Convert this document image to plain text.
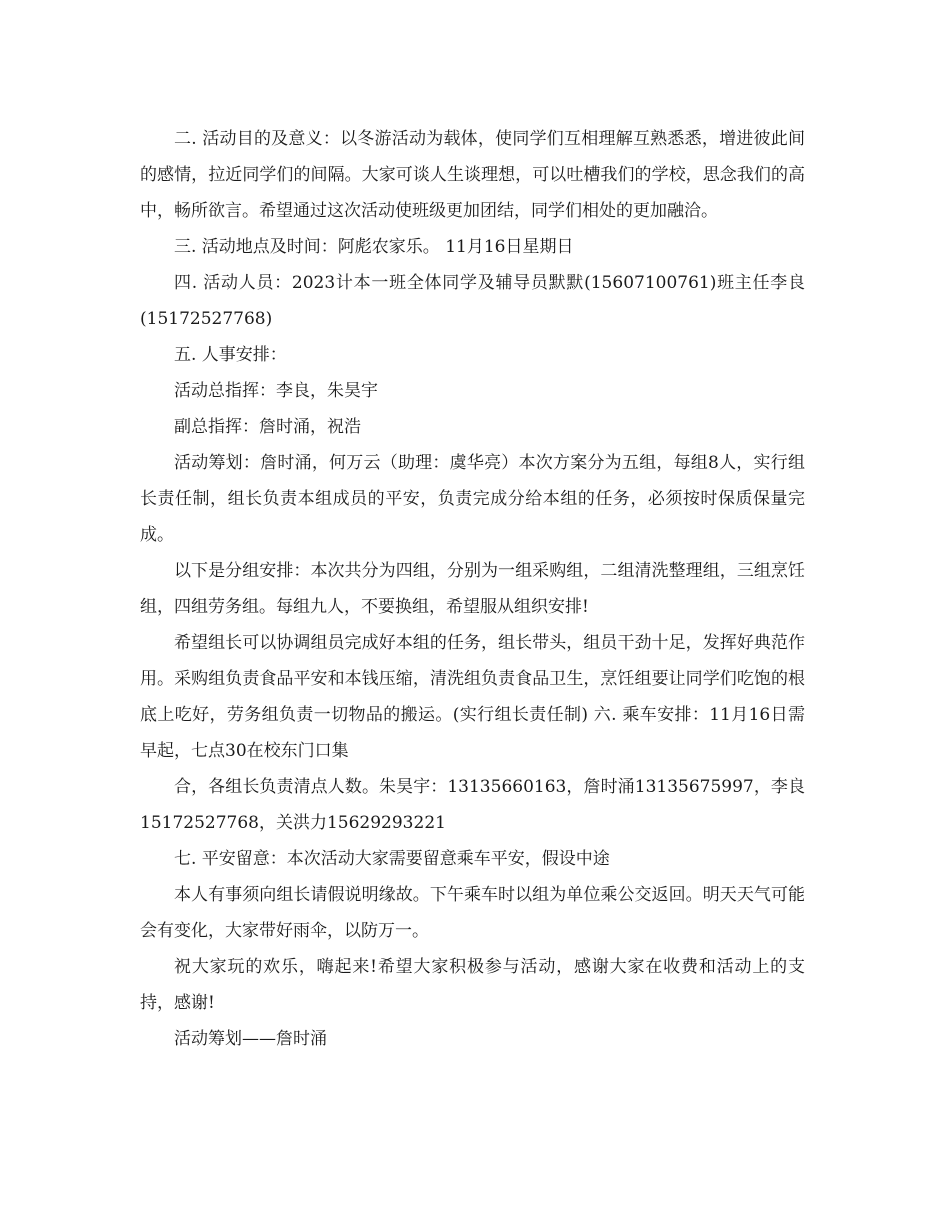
二. 活动目的及意义：以冬游活动为载体，使同学们互相理解互熟悉悉，增进彼此间的感情，拉近同学们的间隔。大家可谈人生谈理想，可以吐槽我们的学校，思念我们的高中，畅所欲言。希望通过这次活动使班级更加团结，同学们相处的更加融洽。

三. 活动地点及时间：阿彪农家乐。 11月16日星期日

四. 活动人员：2023计本一班全体同学及辅导员默默(15607100761)班主任李良(15172527768)

五. 人事安排：

活动总指挥：李良，朱昊宇

副总指挥：詹时涌，祝浩

活动筹划：詹时涌，何万云（助理：虞华亮）本次方案分为五组，每组8人，实行组长责任制，组长负责本组成员的平安，负责完成分给本组的任务，必须按时保质保量完成。

以下是分组安排：本次共分为四组，分别为一组采购组，二组清洗整理组，三组烹饪组，四组劳务组。每组九人，不要换组，希望服从组织安排!

希望组长可以协调组员完成好本组的任务，组长带头，组员干劲十足，发挥好典范作用。采购组负责食品平安和本钱压缩，清洗组负责食品卫生，烹饪组要让同学们吃饱的根底上吃好，劳务组负责一切物品的搬运。(实行组长责任制) 六. 乘车安排：11月16日需早起，七点30在校东门口集

合，各组长负责清点人数。朱昊宇：13135660163，詹时涌13135675997，李良15172527768，关洪力15629293221

七. 平安留意：本次活动大家需要留意乘车平安，假设中途

本人有事须向组长请假说明缘故。下午乘车时以组为单位乘公交返回。明天天气可能会有变化，大家带好雨伞，以防万一。

祝大家玩的欢乐，嗨起来!希望大家积极参与活动，感谢大家在收费和活动上的支持，感谢!

活动筹划——詹时涌
